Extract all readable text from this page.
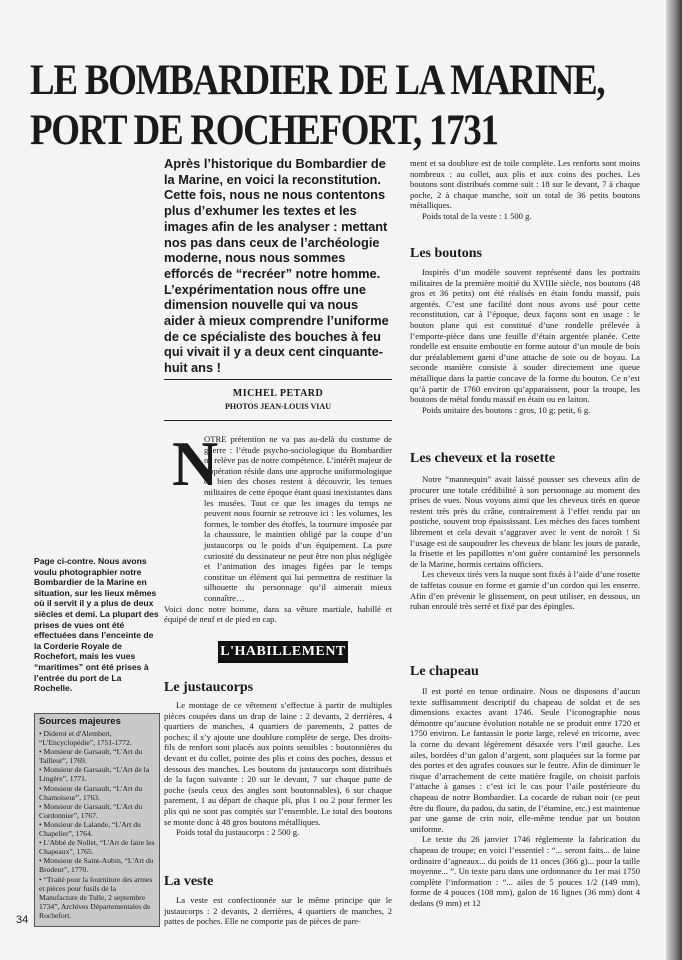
LE BOMBARDIER DE LA MARINE,
PORT DE ROCHEFORT, 1731

Après l’historique du Bombardier de la Marine, en voici la reconstitution. Cette fois, nous ne nous contentons plus d’exhumer les textes et les images afin de les analyser : mettant nos pas dans ceux de l’archéologie moderne, nous nous sommes efforcés de “recréer” notre homme. L’expérimentation nous offre une dimension nouvelle qui va nous aider à mieux comprendre l’uniforme de ce spécialiste des bouches à feu qui vivait il y a deux cent cinquante-huit ans !

MICHEL PETARD

PHOTOS JEAN-LOUIS VIAU

N

OTRE prétention ne va pas au-delà du costume de guerre : l’étude psycho-sociologique du Bombardier ne relève pas de notre compétence. L’intérêt majeur de l’opération réside dans une approche uniformologique où bien des choses restent à découvrir, les tenues militaires de cette époque étant quasi inexistantes dans les musées. Tout ce que les images du temps ne peuvent nous fournir se retrouve ici : les volumes, les formes, le tomber des étoffes, la tournure imposée par la chaussure, le maintien obligé par la coupe d’un justaucorps ou le poids d’un équipement. La pure curiosité du dessinateur ne peut être non plus négligée et l’animation des images figées par le temps constitue un élément qui lui permettra de restituer la silhouette du personnage qu’il aimerait mieux connaître…

Voici donc notre homme, dans sa vêture martiale, habillé et équipé de neuf et de pied en cap.

L'HABILLEMENT
Le justaucorps

Le montage de ce vêtement s’effectue à partir de multiples pièces coupées dans un drap de laine : 2 devants, 2 derrières, 4 quartiers de manches, 4 quartiers de parements, 2 pattes de poches; il s’y ajoute une doublure complète de serge. Des droits-fils de renfort sont placés aux points sensibles : boutonnières du devant et du collet, pointe des plis et coins des poches, dessus et dessous des manches. Les boutons du justaucorps sont distribués de la façon suivante : 20 sur le devant, 7 sur chaque patte de poche (seuls ceux des angles sont boutonnables), 6 sur chaque parement, 1 au départ de chaque pli, plus 1 ou 2 pour fermer les plis qui ne sont pas comptés sur l’ensemble. Le total des boutons se monte donc à 48 gros boutons métalliques.

Poids total du justaucorps : 2 500 g.

La veste

La veste est confectionnée sur le même principe que le justaucorps : 2 devants, 2 derrières, 4 quartiers de manches, 2 pattes de poches. Elle ne comporte pas de pièces de pare-

ment et sa doublure est de toile complète. Les renforts sont moins nombreux : au collet, aux plis et aux coins des poches. Les boutons sont distribués comme suit : 18 sur le devant, 7 à chaque poche, 2 à chaque manche, soit un total de 36 petits boutons métalliques.

Poids total de la veste : 1 500 g.

Les boutons

Inspirés d’un modèle souvent représenté dans les portraits militaires de la première moitié du XVIIIe siècle, nos boutons (48 gros et 36 petits) ont été réalisés en étain fondu massif, puis argentés. C’est une facilité dont nous avons usé pour cette reconstitution, car à l’époque, deux façons sont en usage : le bouton plane qui est constitué d’une rondelle prélevée à l’emporte-pièce dans une feuille d’étain argentée planée. Cette rondelle est ensuite emboutie en forme autour d’un moule de bois dur préalablement garni d’une attache de soie ou de boyau. La seconde manière consiste à souder directement une queue métallique dans la partie concave de la forme du bouton. Ce n’est qu’à partir de 1760 environ qu’apparaissent, pour la troupe, les boutons de métal fondu massif en étain ou en laiton.

Poids unitaire des boutons : gros, 10 g; petit, 6 g.

Les cheveux et la rosette

Notre “mannequin” avait laissé pousser ses cheveux afin de procurer une totale crédibilité à son personnage au moment des prises de vues. Nous voyons ainsi que les cheveux tirés en queue restent très près du crâne, contrairement à l’effet rendu par un postiche, souvent trop épaississant. Les mèches des faces tombent librement et cela devait s’aggraver avec le vent de noroît ! Si l’usage est de saupoudrer les cheveux de blanc les jours de parade, la frisette et les papillottes n’ont guère contaminé les personnels de la Marine, hormis certains officiers.

Les cheveux tirés vers la nuque sont fixés à l’aide d’une rosette de taffetas cousue en forme et garnie d’un cordon qui les enserre. Afin d’en prévenir le glissement, on peut utiliser, en dessous, un ruban enroulé très serré et fixé par des épingles.

Le chapeau

Il est porté en tenue ordinaire. Nous ne disposons d’aucun texte suffisamment descriptif du chapeau de soldat et de ses dimensions exactes avant 1746. Seule l’iconographie nous démontre qu’aucune évolution notable ne se produit entre 1720 et 1750 environ. Le fantassin le porte large, relevé en tricorne, avec la corne du devant légèrement désaxée vers l’œil gauche. Les ailes, bordées d’un galon d’argent, sont plaquées sur la forme par des portes et des agrafes cousues sur le feutre. Afin de diminuer le risque d’arrachement de cette matière fragile, on choisit parfois l’attache à ganses : c’est ici le cas pour l’aile postérieure du chapeau de notre Bombardier. La cocarde de ruban noir (ce peut être du floure, du padou, du satin, de l’étamine, etc.) est maintenue par une ganse de crin noir, elle-même tendue par un bouton uniforme.

Le texte du 26 janvier 1746 réglemente la fabrication du chapeau de troupe; en voici l’essentiel : “... seront faits... de laine ordinaire d’agneaux... du poids de 11 onces (366 g)... pour la taille moyenne... ”. Un texte paru dans une ordonnance du 1er mai 1750 complète l’information : “... ailes de 5 pouces 1/2 (149 mm), forme de 4 pouces (108 mm), galon de 16 lignes (36 mm) dont 4 dedans (9 mm) et 12

Page ci-contre. Nous avons voulu photographier notre Bombardier de la Marine en situation, sur les lieux mêmes où il servit il y a plus de deux siècles et demi. La plupart des prises de vues ont été effectuées dans l’enceinte de la Corderie Royale de Rochefort, mais les vues “maritimes” ont été prises à l’entrée du port de La Rochelle.

Sources majeures

• Diderot et d'Alembert, “L'Encyclopédie”, 1751-1772.

• Monsieur de Garsault, “L'Art du Tailleur”, 1769.

• Monsieur de Garsault, “L'Art de la Lingère”, 1771.

• Monsieur de Garsault, “L'Art du Chamoiseur”, 1763.

• Monsieur de Garsault, “L'Art du Cordonnier”, 1767.

• Monsieur de Lalande, “L'Art du Chapelier”, 1764.

• L'Abbé de Nollet, “L'Art de faire les Chapeaux”, 1765.

• Monsieur de Saint-Aubin, “L'Art du Brodeur”, 1770.

• “Traité pour la fourniture des armes et pièces pour fusils de la Manufacture de Tulle, 2 septembre 1734”, Archives Départementales de Rochefort.

34
